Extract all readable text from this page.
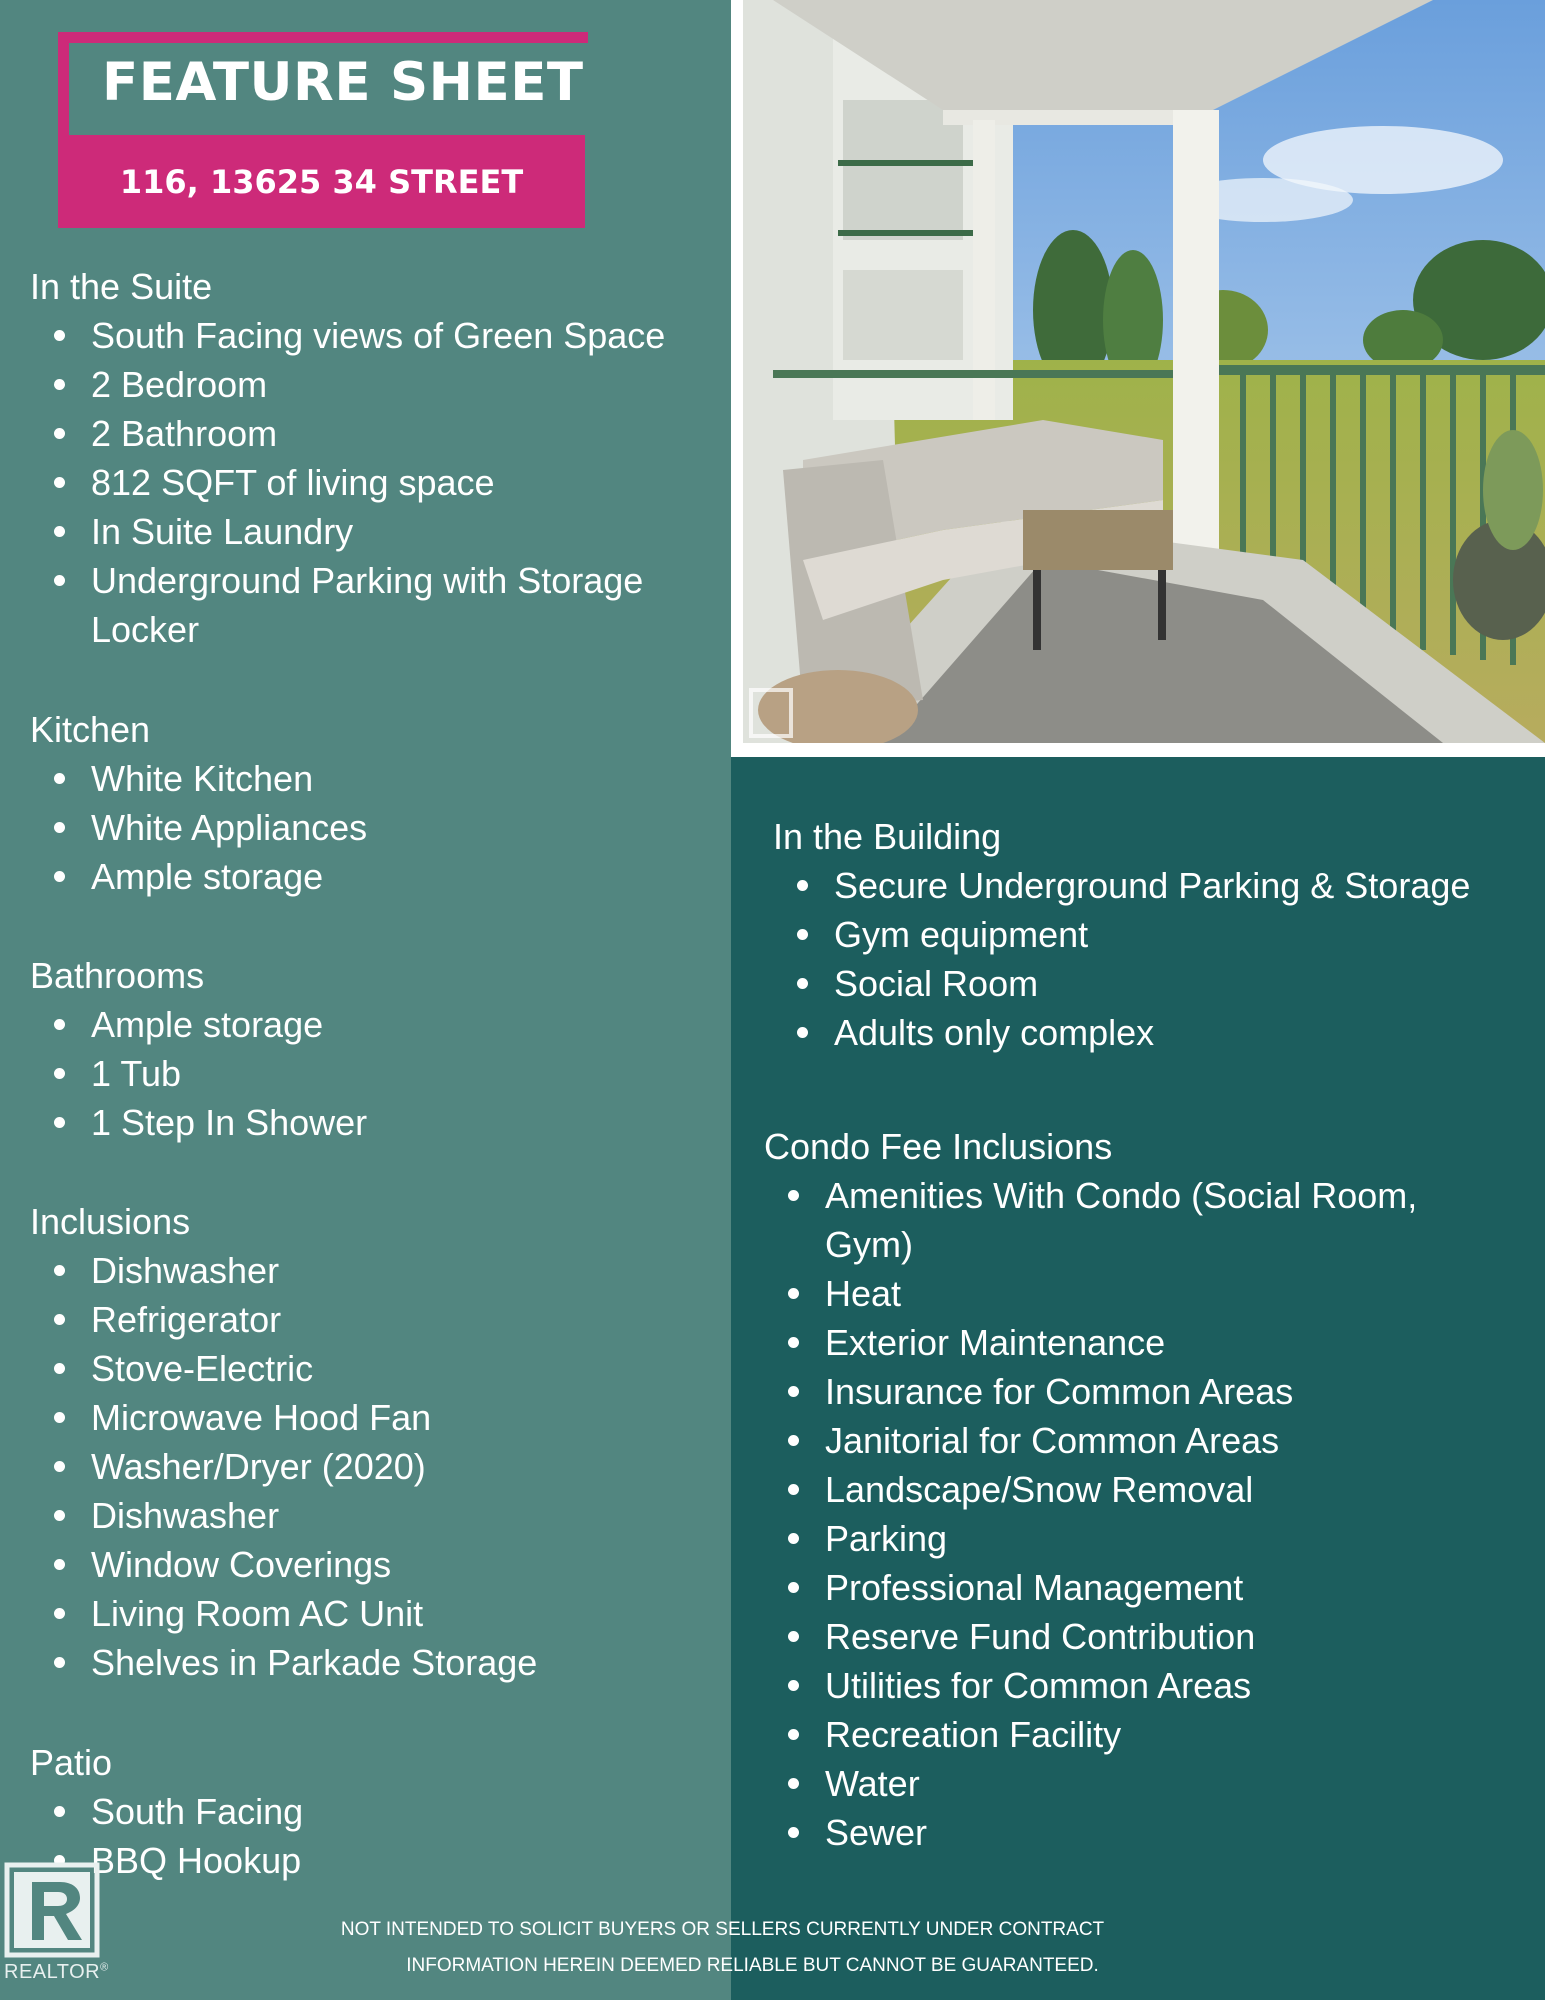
FEATURE SHEET
116, 13625 34 STREET
In the Suite
South Facing views of Green Space
2 Bedroom
2 Bathroom
812 SQFT of living space
In Suite Laundry
Underground Parking with Storage Locker
Kitchen
White Kitchen
White Appliances
Ample storage
Bathrooms
Ample storage
1 Tub
1 Step In Shower
Inclusions
Dishwasher
Refrigerator
Stove-Electric
Microwave Hood Fan
Washer/Dryer (2020)
Dishwasher
Window Coverings
Living Room AC Unit
Shelves in Parkade Storage
Patio
South Facing
BBQ Hookup
In the Building
Secure Underground Parking & Storage
Gym equipment
Social Room
Adults only complex
Condo Fee Inclusions
Amenities With Condo (Social Room, Gym)
Heat
Exterior Maintenance
Insurance for Common Areas
Janitorial for Common Areas
Landscape/Snow Removal
Parking
Professional Management
Reserve Fund Contribution
Utilities for Common Areas
Recreation Facility
Water
Sewer
NOT INTENDED TO SOLICIT BUYERS OR SELLERS CURRENTLY UNDER CONTRACT
INFORMATION HEREIN DEEMED RELIABLE BUT CANNOT BE GUARANTEED.
REALTOR®
